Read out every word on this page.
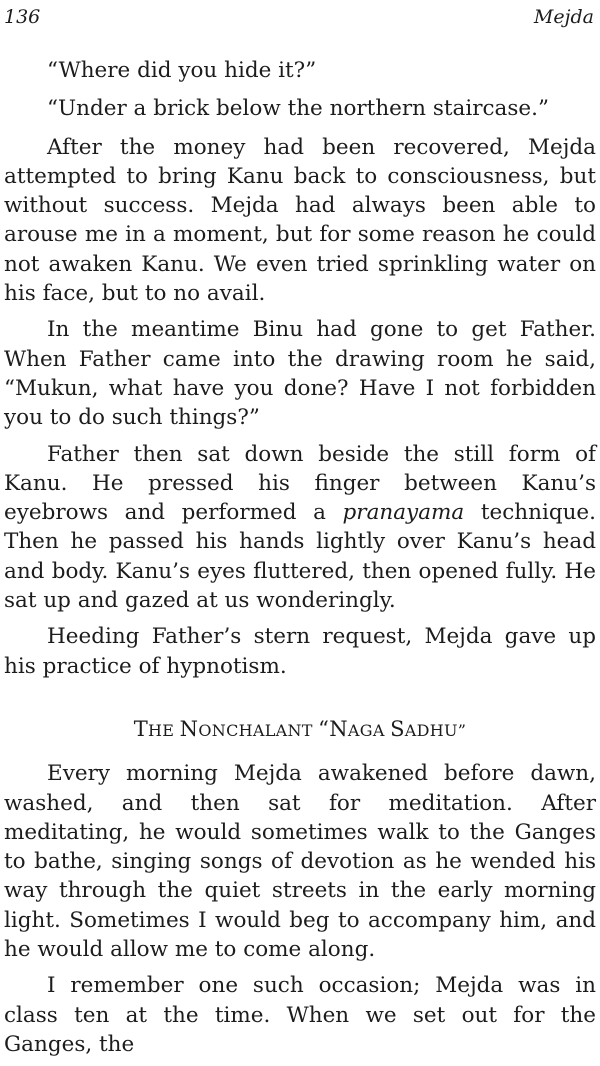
136	Mejda

“Where did you hide it?”

“Under a brick below the northern staircase.”

After the money had been recovered, Mejda attempted to bring Kanu back to consciousness, but without success. Mejda had always been able to arouse me in a moment, but for some reason he could not awaken Kanu. We even tried sprinkling water on his face, but to no avail.

In the meantime Binu had gone to get Father. When Father came into the drawing room he said, “Mukun, what have you done? Have I not forbidden you to do such things?”

Father then sat down beside the still form of Kanu. He pressed his finger between Kanu’s eyebrows and performed a pranayama technique. Then he passed his hands lightly over Kanu’s head and body. Kanu’s eyes fluttered, then opened fully. He sat up and gazed at us wonderingly.

Heeding Father’s stern request, Mejda gave up his practice of hypnotism.

THE NONCHALANT “NAGA SADHU”

Every morning Mejda awakened before dawn, washed, and then sat for meditation. After meditating, he would sometimes walk to the Ganges to bathe, singing songs of devotion as he wended his way through the quiet streets in the early morning light. Sometimes I would beg to accompany him, and he would allow me to come along.

I remember one such occasion; Mejda was in class ten at the time. When we set out for the Ganges, the
